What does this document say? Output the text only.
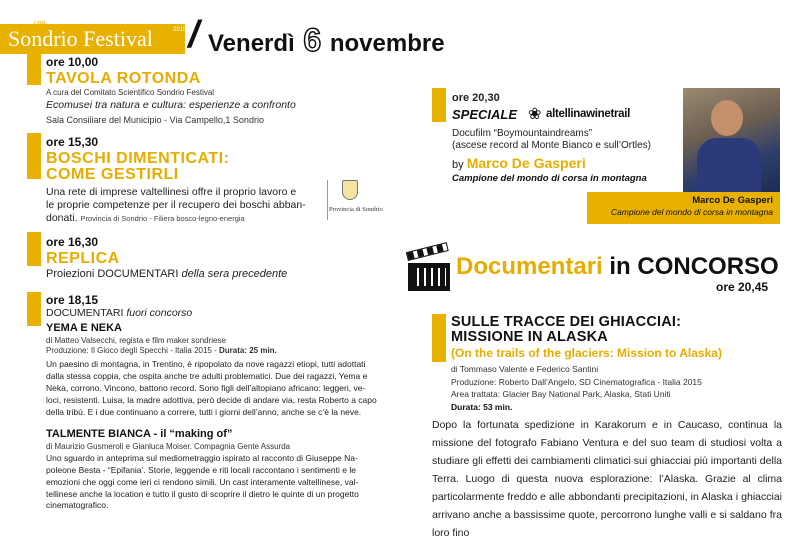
con
Sondrio Festival	2015
/ Venerdì 6 novembre
ore 10,00
TAVOLA ROTONDA
A cura del Comitato Scientifico Sondrio Festival
Ecomusei tra natura e cultura: esperienze a confronto
Sala Consiliare del Municipio - Via Campello,1 Sondrio
ore 15,30
BOSCHI DIMENTICATI:
COME GESTIRLI
Una rete di imprese valtellinesi offre il proprio lavoro e
le proprie competenze per il recupero dei boschi abban-
donati. Provincia di Sondrio - Filiera bosco-legno-energia
Provincia di Sondrio
ore 16,30
REPLICA
Proiezioni DOCUMENTARI della sera precedente
ore 18,15
DOCUMENTARI fuori concorso
YEMA E NEKA
di Matteo Valsecchi, regista e film maker sondriese
Produzione: Il Gioco degli Specchi - Italia 2015 - Durata: 25 min.
Un paesino di montagna, in Trentino, è ripopolato da nove ragazzi etiopi, tutti adottati
dalla stessa coppia, che ospita anche tre adulti problematici. Due dei ragazzi, Yema e
Neka, corrono. Vincono, battono record. Sono figli dell’altopiano africano: leggeri, ve-
loci, resistenti. Luisa, la madre adottiva, però decide di andare via, resta Roberto a capo
della tribù. E i due continuano a correre, tutti i giorni dell’anno, anche se c’è la neve.
TALMENTE BIANCA - il “making of”
di Maurizio Gusmeroli e Gianluca Moiser. Compagnia Gente Assurda
Uno sguardo in anteprima sul mediometraggio ispirato al racconto di Giuseppe Na-
poleone Besta - “Epifania’. Storie, leggende e riti locali raccontano i sentimenti e le
emozioni che oggi come ieri ci rendono simili. Un cast interamente valtellinese, val-
tellinese anche la location e tutto il gusto di scoprire il dietro le quinte di un progetto
cinematografico.
ore 20,30
SPECIALE ❀ altellinawinetrail
Docufilm “Boymountaindreams”
(ascese record al Monte Bianco e sull’Ortles)
by Marco De Gasperi
Campione del mondo di corsa in montagna
Marco De Gasperi
Campione del mondo di corsa in montagna
Documentari in CONCORSO
ore 20,45
SULLE TRACCE DEI GHIACCIAI:
MISSIONE IN ALASKA
(On the trails of the glaciers: Mission to Alaska)
di Tommaso Valente e Federico Santini
Produzione: Roberto Dall’Angelo, SD Cinematografica - Italia 2015
Area trattata: Glacier Bay National Park, Alaska, Stati Uniti
Durata: 53 min.
Dopo la fortunata spedizione in Karakorum e in Caucaso, continua la missione del fotografo Fabiano Ventura e del suo team di studiosi volta a studiare gli effetti dei cambiamenti climatici sui ghiacciai più importanti della Terra. Luogo di questa nuova esplorazione: l’Alaska. Grazie al clima particolarmente freddo e alle abbondanti precipitazioni, in Alaska i ghiacciai arrivano anche a bassissime quote, percorrono lunghe valli e si saldano fra loro fino
